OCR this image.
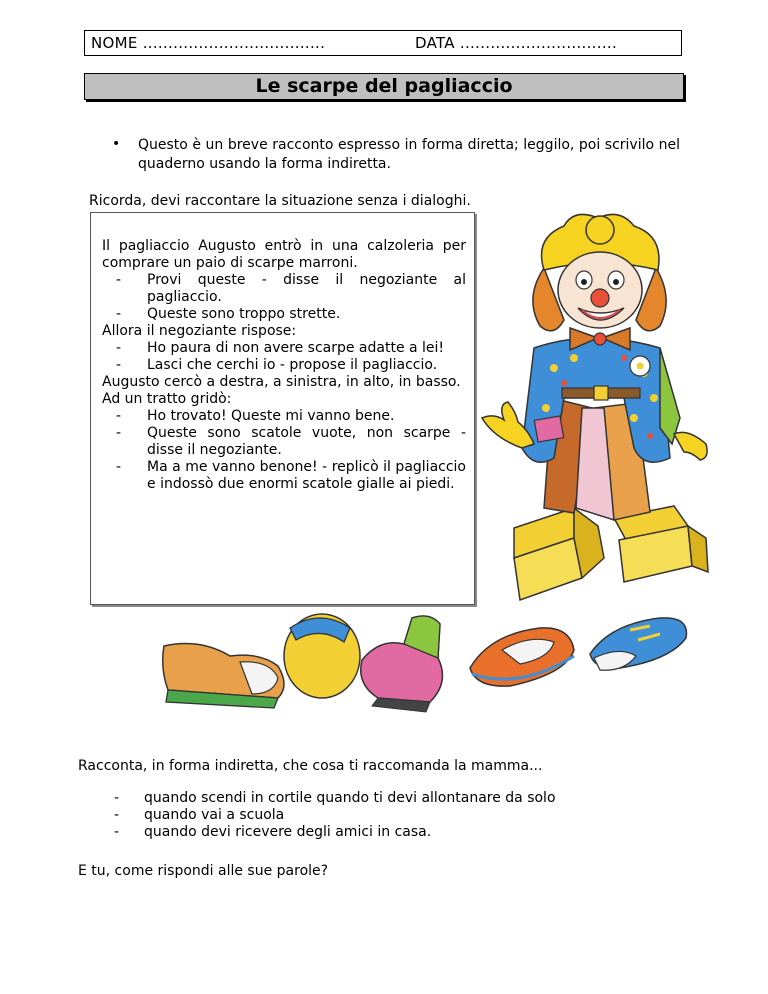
NOME ....................................	DATA ...............................
Le scarpe del pagliaccio
• Questo è un breve racconto espresso in forma diretta; leggilo, poi scrivilo nel quaderno usando la forma indiretta.

Ricorda, devi raccontare la situazione senza i dialoghi.

Il pagliaccio Augusto entrò in una calzoleria per comprare un paio di scarpe marroni.

- Provi queste - disse il negoziante al pagliaccio.

- Queste sono troppo strette.

Allora il negoziante rispose:

- Ho paura di non avere scarpe adatte a lei!

- Lasci che cerchi io - propose il pagliaccio.

Augusto cercò a destra, a sinistra, in alto, in basso.

Ad un tratto gridò:

- Ho trovato! Queste mi vanno bene.

- Queste sono scatole vuote, non scarpe - disse il negoziante.

- Ma a me vanno benone! - replicò il pagliaccio e indossò due enormi scatole gialle ai piedi.

Racconta, in forma indiretta, che cosa ti raccomanda la mamma...

- quando scendi in cortile quando ti devi allontanare da solo
- quando vai a scuola
- quando devi ricevere degli amici in casa.

E tu, come rispondi alle sue parole?
